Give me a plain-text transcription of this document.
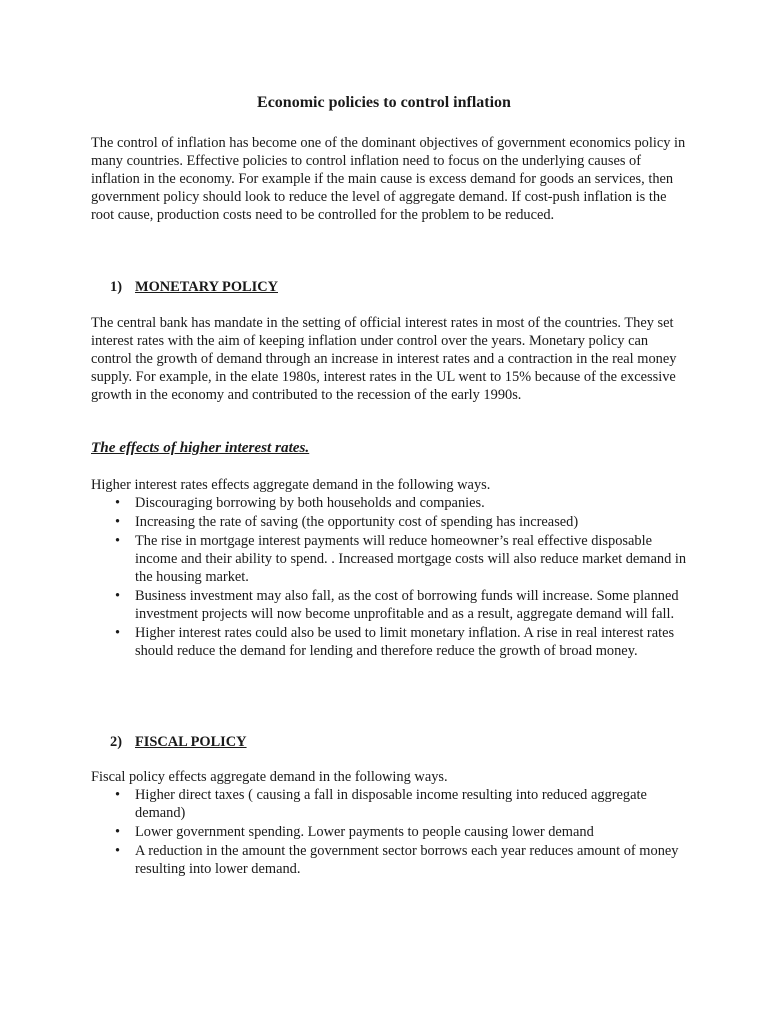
Economic policies to control inflation

The control of inflation has become one of the dominant objectives of government economics policy in many countries. Effective policies to control inflation need to focus on the underlying causes of inflation in the economy. For example if the main cause is excess demand for goods an services, then government policy should look to reduce the level of aggregate demand. If cost-push inflation is the root cause, production costs need to be controlled for the problem to be reduced.

1) MONETARY POLICY

The central bank has mandate in the setting of official interest rates in most of the countries. They set interest rates with the aim of keeping inflation under control over the years. Monetary policy can control the growth of demand through an increase in interest rates and a contraction in the real money supply. For example, in the elate 1980s, interest rates in the UL went to 15% because of the excessive growth in the economy and contributed to the recession of the early 1990s.

The effects of higher interest rates.

Higher interest rates effects aggregate demand in the following ways.

•	Discouraging borrowing by both households and companies.
•	Increasing the rate of saving (the opportunity cost of spending has increased)
•	The rise in mortgage interest payments will reduce homeowner’s real effective disposable income and their ability to spend. . Increased mortgage costs will also reduce market demand in the housing market.
•	Business investment may also fall, as the cost of borrowing funds will increase. Some planned investment projects will now become unprofitable and as a result, aggregate demand will fall.
•	Higher interest rates could also be used to limit monetary inflation. A rise in real interest rates should reduce the demand for lending and therefore reduce the growth of broad money.
2) FISCAL POLICY

Fiscal policy effects aggregate demand in the following ways.

•	Higher direct taxes ( causing a fall in disposable income resulting into reduced aggregate demand)
•	Lower government spending. Lower payments to people causing lower demand
•	A reduction in the amount the government sector borrows each year reduces amount of money resulting into lower demand.
